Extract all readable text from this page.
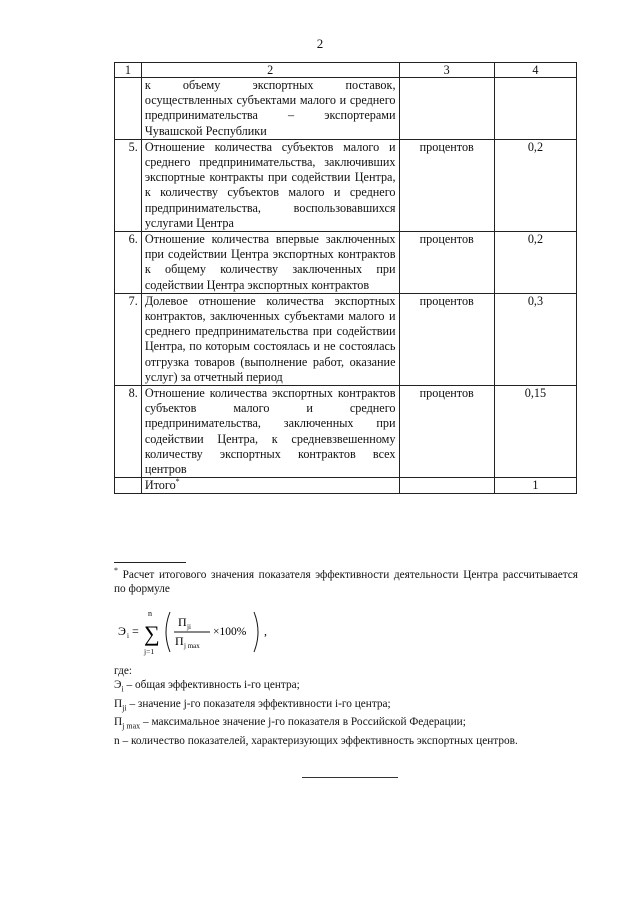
2
1	2	3	4
	к объему экспортных поставок, осуществленных субъектами малого и среднего предпринимательства – экспортерами Чувашской Республики		
5.	Отношение количества субъектов малого и среднего предпринимательства, заключивших экспортные контракты при содействии Центра, к количеству субъектов малого и среднего предпринимательства, воспользовавшихся услугами Центра	процентов	0,2
6.	Отношение количества впервые заключенных при содействии Центра экспортных контрактов к общему количеству заключенных при содействии Центра экспортных контрактов	процентов	0,2
7.	Долевое отношение количества экспортных контрактов, заключенных субъектами малого и среднего предпринимательства при содействии Центра, по которым состоялась и не состоялась отгрузка товаров (выполнение работ, оказание услуг) за отчетный период	процентов	0,3
8.	Отношение количества экспортных контрактов субъектов малого и среднего предпринимательства, заключенных при содействии Центра, к средневзвешенному количеству экспортных контрактов всех центров	процентов	0,15
	Итого*		1
* Расчет итогового значения показателя эффективности деятельности Центра рассчитывается по формуле
Э i =
n
∑
j=1
П ji
П j max
×100% ,
где:
$Э_i$ – общая эффективность i-го центра;
$П_{ji}$ – значение j-го показателя эффективности i-го центра;
$П_{j max}$ – максимальное значение j-го показателя в Российской Федерации;
n – количество показателей, характеризующих эффективность экспортных центров.
